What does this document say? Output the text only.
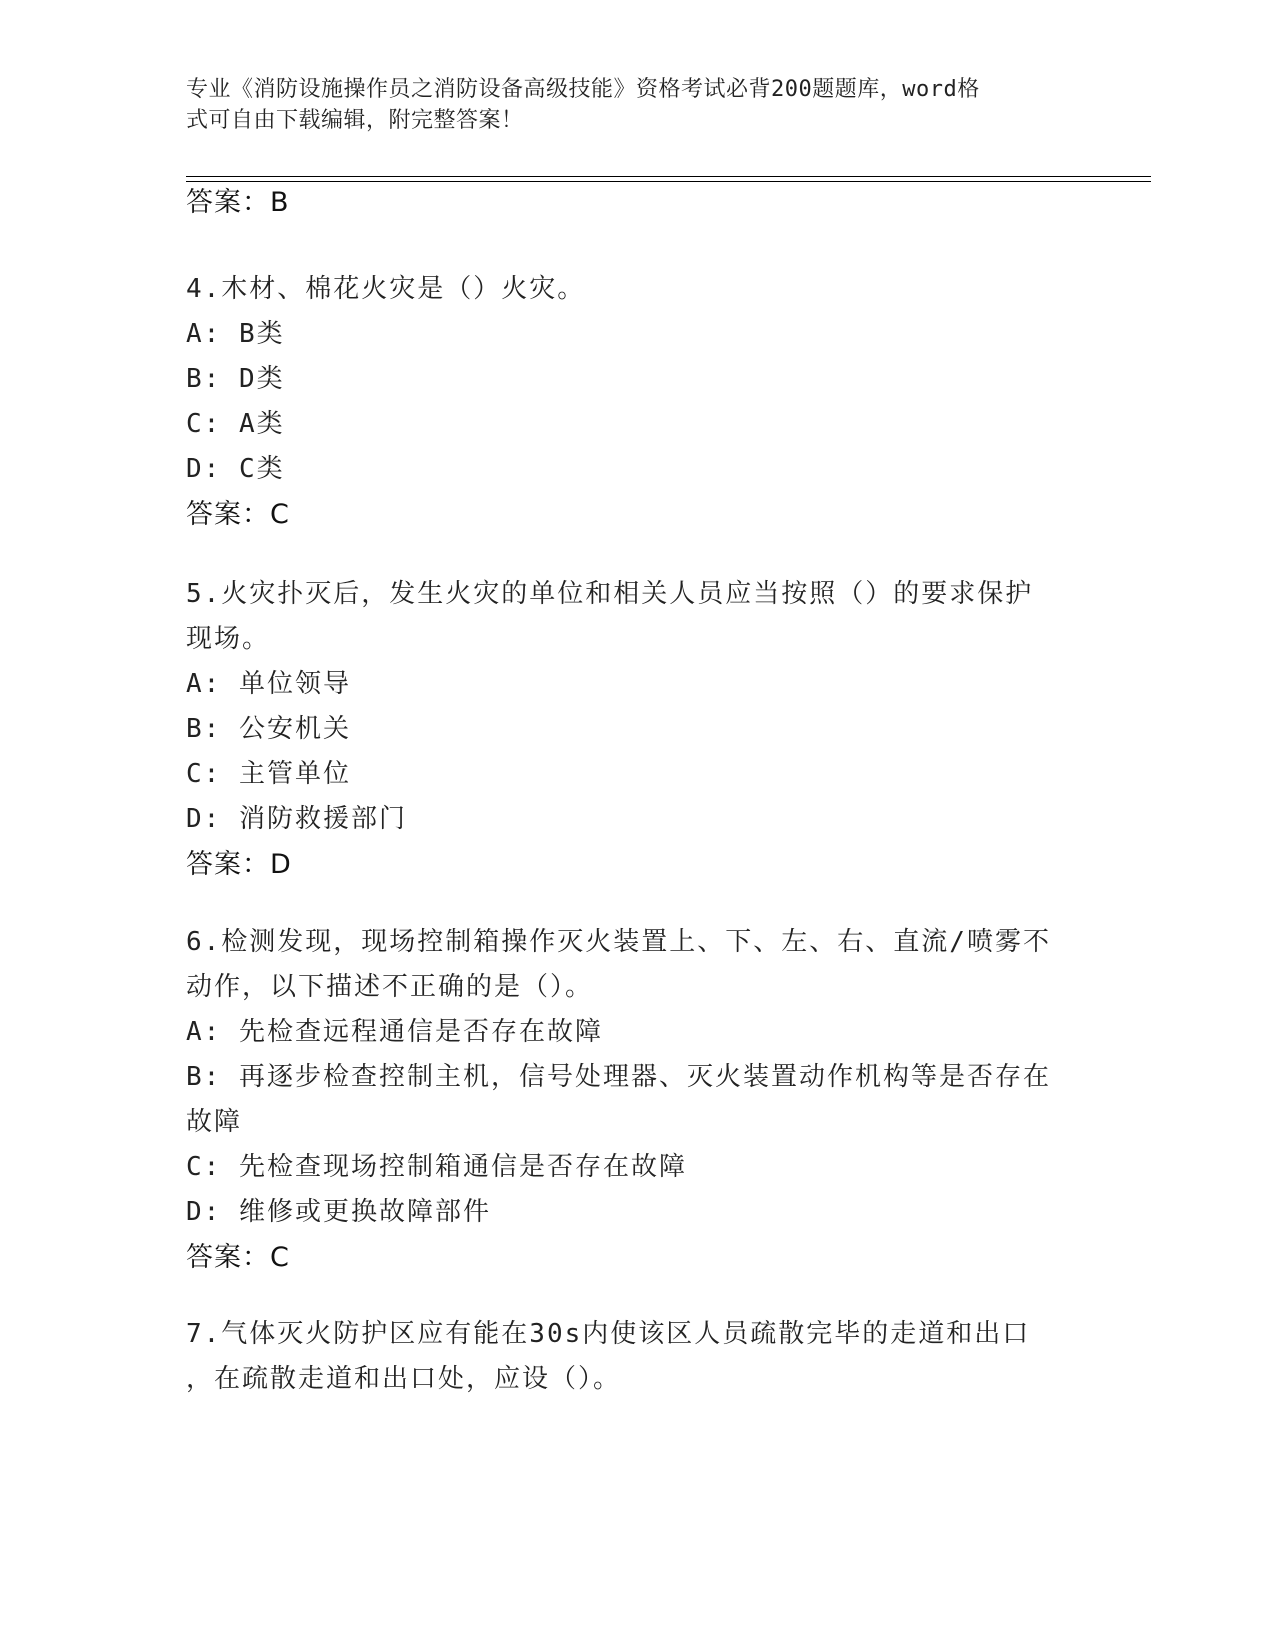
专业《消防设施操作员之消防设备高级技能》资格考试必背200题题库，word格
式可自由下载编辑，附完整答案！

答案：B

4.木材、棉花火灾是（）火灾。

A: B类

B: D类

C: A类

D: C类

答案：C

5.火灾扑灭后，发生火灾的单位和相关人员应当按照（）的要求保护

现场。

A: 单位领导

B: 公安机关

C: 主管单位

D: 消防救援部门

答案：D

6.检测发现，现场控制箱操作灭火装置上、下、左、右、直流/喷雾不

动作，以下描述不正确的是（）。

A: 先检查远程通信是否存在故障

B: 再逐步检查控制主机，信号处理器、灭火装置动作机构等是否存在

故障

C: 先检查现场控制箱通信是否存在故障

D: 维修或更换故障部件

答案：C

7.气体灭火防护区应有能在30s内使该区人员疏散完毕的走道和出口

，在疏散走道和出口处，应设（）。
